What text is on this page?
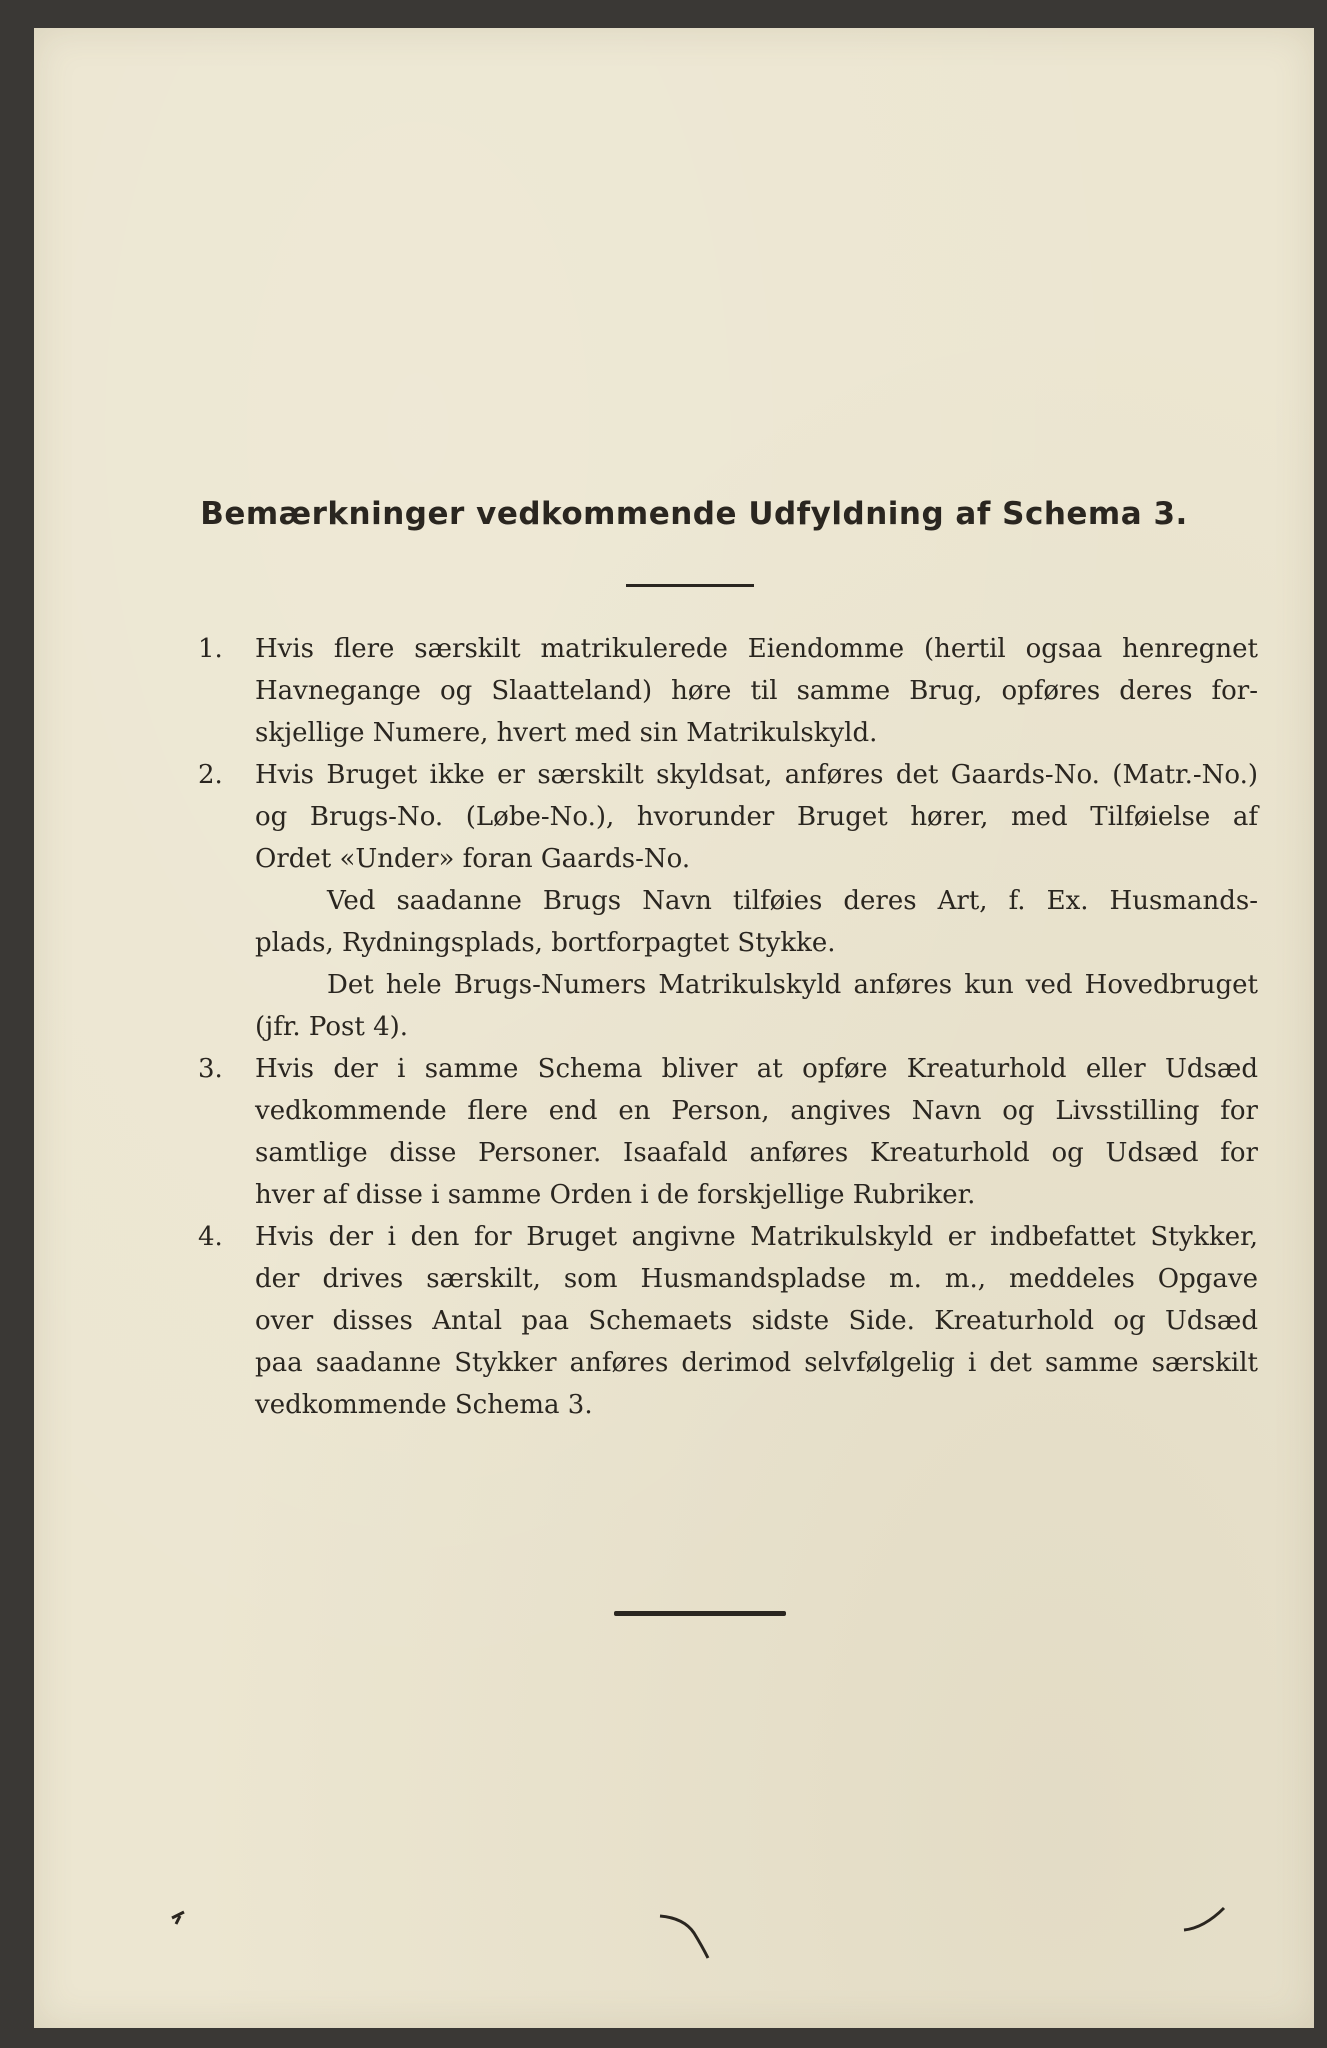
Bemærkninger vedkommende Udfyldning af Schema 3.
1.	Hvis flere særskilt matrikulerede Eiendomme (hertil ogsaa henregnet
Havnegange og Slaatteland) høre til samme Brug, opføres deres for-
skjellige Numere, hvert med sin Matrikulskyld.
2.	Hvis Bruget ikke er særskilt skyldsat, anføres det Gaards-No. (Matr.-No.)
og Brugs-No. (Løbe-No.), hvorunder Bruget hører, med Tilføielse af
Ordet «Under» foran Gaards-No.
Ved saadanne Brugs Navn tilføies deres Art, f. Ex. Husmands-
plads, Rydningsplads, bortforpagtet Stykke.
Det hele Brugs-Numers Matrikulskyld anføres kun ved Hovedbruget
(jfr. Post 4).
3.	Hvis der i samme Schema bliver at opføre Kreaturhold eller Udsæd
vedkommende flere end en Person, angives Navn og Livsstilling for
samtlige disse Personer. Isaafald anføres Kreaturhold og Udsæd for
hver af disse i samme Orden i de forskjellige Rubriker.
4.	Hvis der i den for Bruget angivne Matrikulskyld er indbefattet Stykker,
der drives særskilt, som Husmandspladse m. m., meddeles Opgave
over disses Antal paa Schemaets sidste Side. Kreaturhold og Udsæd
paa saadanne Stykker anføres derimod selvfølgelig i det samme særskilt
vedkommende Schema 3.
